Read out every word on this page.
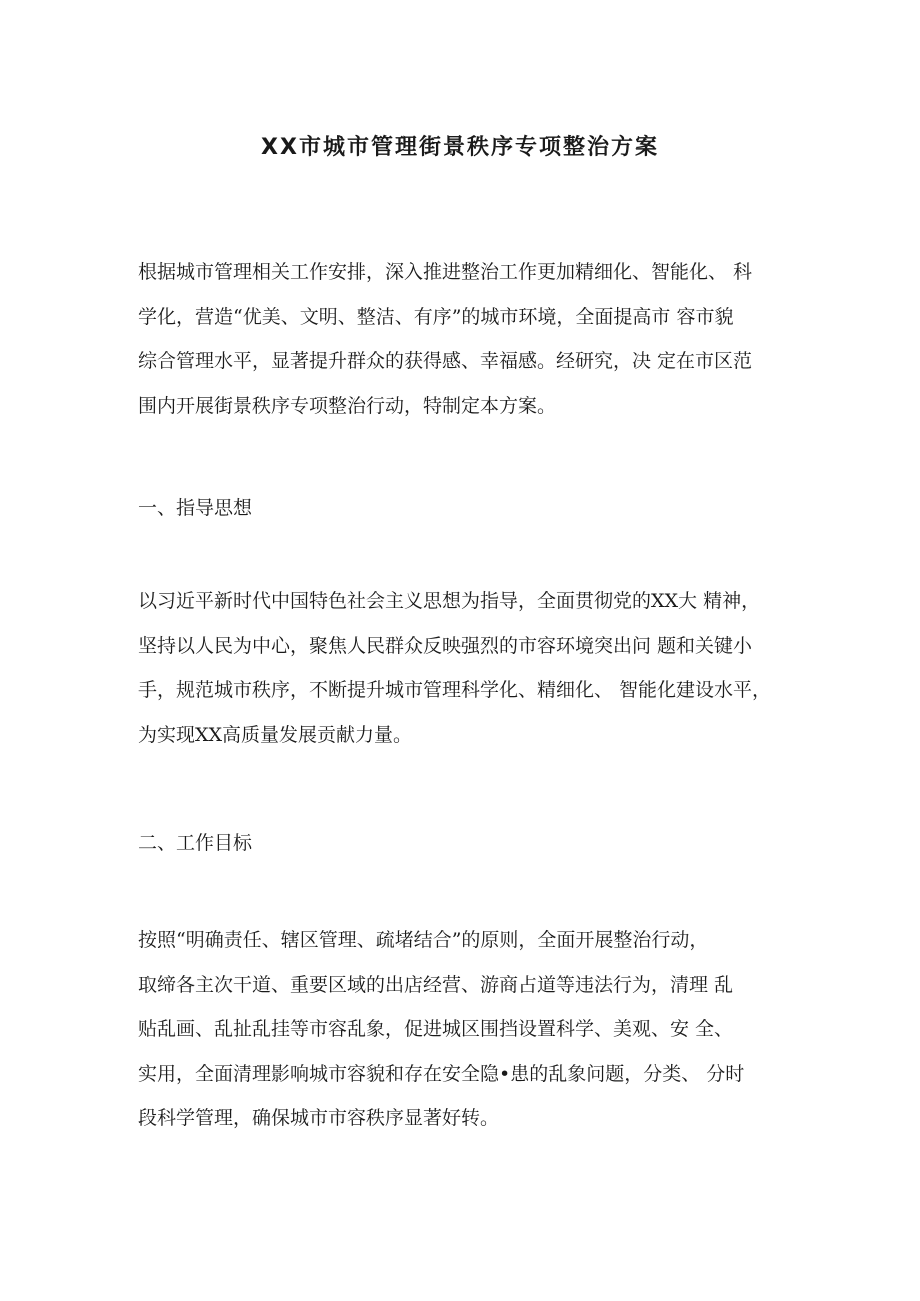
XX市城市管理街景秩序专项整治方案

根据城市管理相关工作安排，深入推进整治工作更加精细化、智能化、 科
学化，营造“优美、文明、整洁、有序”的城市环境，全面提高市 容市貌
综合管理水平，显著提升群众的获得感、幸福感。经研究，决 定在市区范
围内开展街景秩序专项整治行动，特制定本方案。

一、指导思想

以习近平新时代中国特色社会主义思想为指导，全面贯彻党的XX大 精神，
坚持以人民为中心，聚焦人民群众反映强烈的市容环境突出问 题和关键小
手，规范城市秩序，不断提升城市管理科学化、精细化、 智能化建设水平，
为实现XX高质量发展贡献力量。

二、工作目标

按照“明确责任、辖区管理、疏堵结合”的原则，全面开展整治行动，
取缔各主次干道、重要区域的出店经营、游商占道等违法行为，清理 乱
贴乱画、乱扯乱挂等市容乱象，促进城区围挡设置科学、美观、安 全、
实用，全面清理影响城市容貌和存在安全隐•患的乱象问题，分类、 分时
段科学管理，确保城市市容秩序显著好转。
